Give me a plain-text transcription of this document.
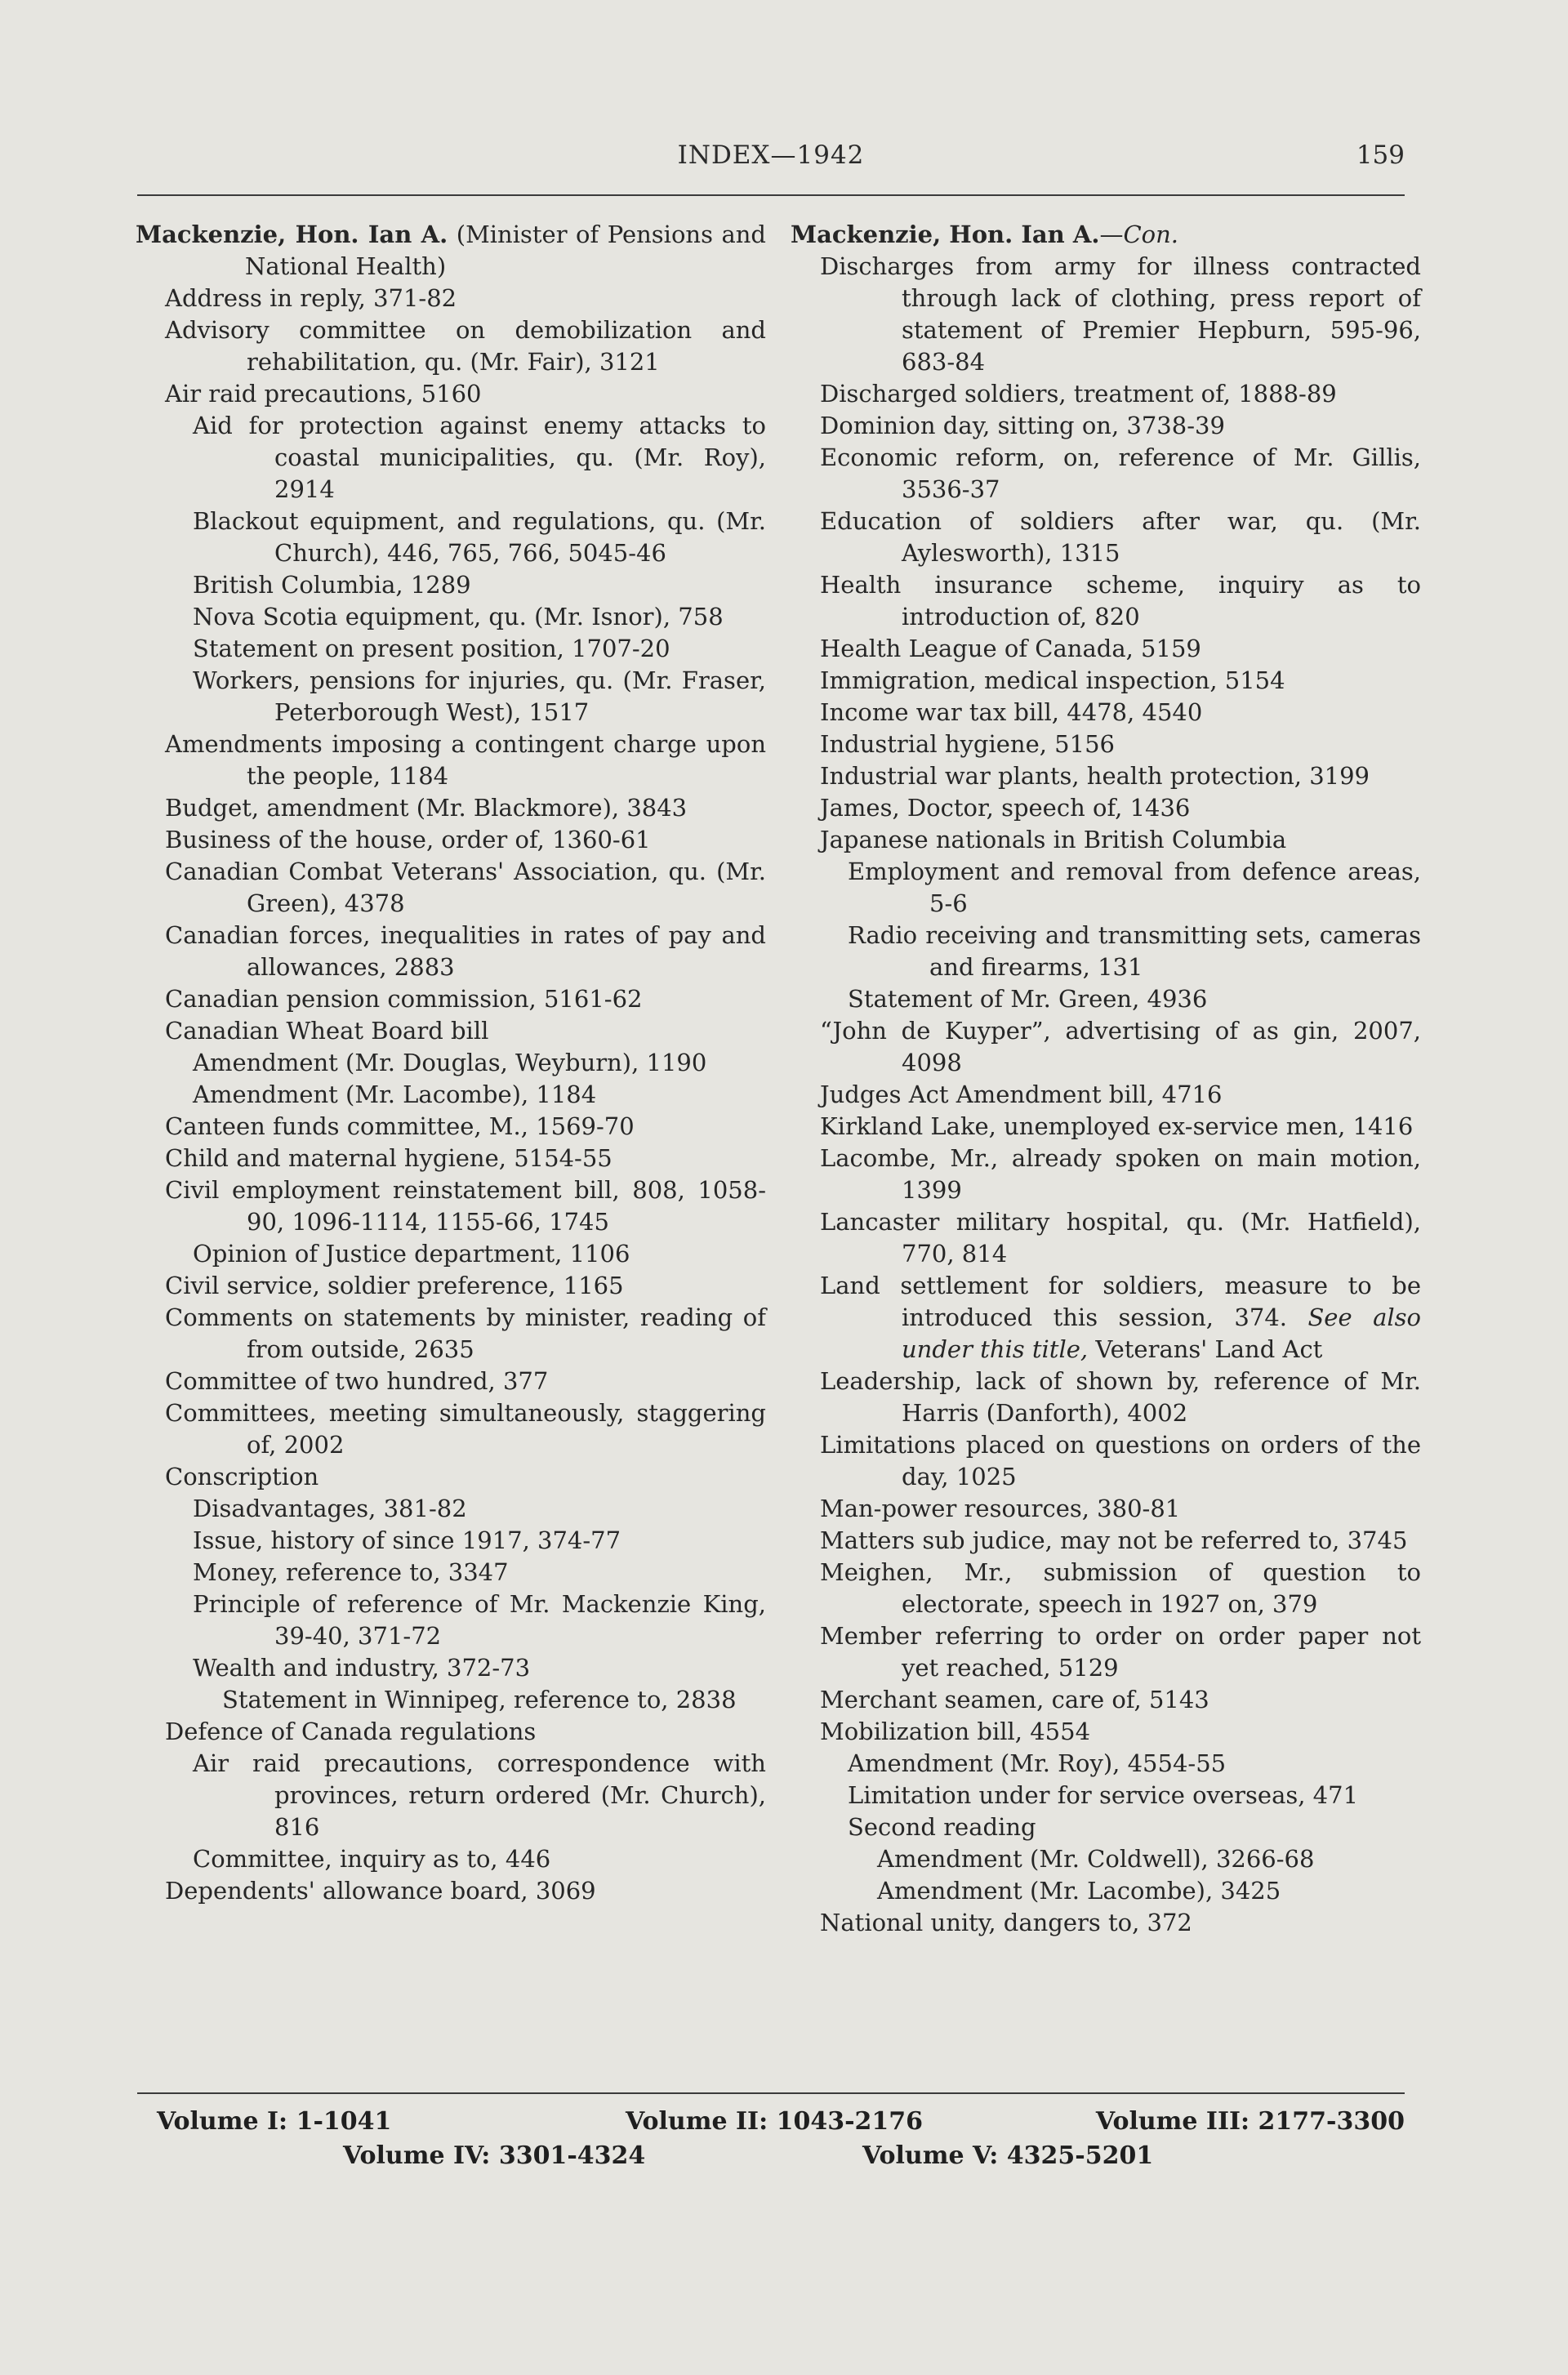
INDEX—1942	159
Mackenzie, Hon. Ian A. (Minister of Pensions and National Health)
Address in reply, 371-82
Advisory committee on demobilization and rehabilitation, qu. (Mr. Fair), 3121
Air raid precautions, 5160
Aid for protection against enemy attacks to coastal municipalities, qu. (Mr. Roy), 2914
Blackout equipment, and regulations, qu. (Mr. Church), 446, 765, 766, 5045-46
British Columbia, 1289
Nova Scotia equipment, qu. (Mr. Isnor), 758
Statement on present position, 1707-20
Workers, pensions for injuries, qu. (Mr. Fraser, Peterborough West), 1517
Amendments imposing a contingent charge upon the people, 1184
Budget, amendment (Mr. Blackmore), 3843
Business of the house, order of, 1360-61
Canadian Combat Veterans' Association, qu. (Mr. Green), 4378
Canadian forces, inequalities in rates of pay and allowances, 2883
Canadian pension commission, 5161-62
Canadian Wheat Board bill
Amendment (Mr. Douglas, Weyburn), 1190
Amendment (Mr. Lacombe), 1184
Canteen funds committee, M., 1569-70
Child and maternal hygiene, 5154-55
Civil employment reinstatement bill, 808, 1058-90, 1096-1114, 1155-66, 1745
Opinion of Justice department, 1106
Civil service, soldier preference, 1165
Comments on statements by minister, reading of from outside, 2635
Committee of two hundred, 377
Committees, meeting simultaneously, staggering of, 2002
Conscription
Disadvantages, 381-82
Issue, history of since 1917, 374-77
Money, reference to, 3347
Principle of reference of Mr. Mackenzie King, 39-40, 371-72
Wealth and industry, 372-73
Statement in Winnipeg, reference to, 2838
Defence of Canada regulations
Air raid precautions, correspondence with provinces, return ordered (Mr. Church), 816
Committee, inquiry as to, 446
Dependents' allowance board, 3069
Mackenzie, Hon. Ian A.—Con.
Discharges from army for illness contracted through lack of clothing, press report of statement of Premier Hepburn, 595-96, 683-84
Discharged soldiers, treatment of, 1888-89
Dominion day, sitting on, 3738-39
Economic reform, on, reference of Mr. Gillis, 3536-37
Education of soldiers after war, qu. (Mr. Aylesworth), 1315
Health insurance scheme, inquiry as to introduction of, 820
Health League of Canada, 5159
Immigration, medical inspection, 5154
Income war tax bill, 4478, 4540
Industrial hygiene, 5156
Industrial war plants, health protection, 3199
James, Doctor, speech of, 1436
Japanese nationals in British Columbia
Employment and removal from defence areas, 5-6
Radio receiving and transmitting sets, cameras and firearms, 131
Statement of Mr. Green, 4936
“John de Kuyper”, advertising of as gin, 2007, 4098
Judges Act Amendment bill, 4716
Kirkland Lake, unemployed ex-service men, 1416
Lacombe, Mr., already spoken on main motion, 1399
Lancaster military hospital, qu. (Mr. Hatfield), 770, 814
Land settlement for soldiers, measure to be introduced this session, 374. See also under this title, Veterans' Land Act
Leadership, lack of shown by, reference of Mr. Harris (Danforth), 4002
Limitations placed on questions on orders of the day, 1025
Man-power resources, 380-81
Matters sub judice, may not be referred to, 3745
Meighen, Mr., submission of question to electorate, speech in 1927 on, 379
Member referring to order on order paper not yet reached, 5129
Merchant seamen, care of, 5143
Mobilization bill, 4554
Amendment (Mr. Roy), 4554-55
Limitation under for service overseas, 471
Second reading
Amendment (Mr. Coldwell), 3266-68
Amendment (Mr. Lacombe), 3425
National unity, dangers to, 372
Volume I: 1-1041	Volume II: 1043-2176	Volume III: 2177-3300
Volume IV: 3301-4324	Volume V: 4325-5201
